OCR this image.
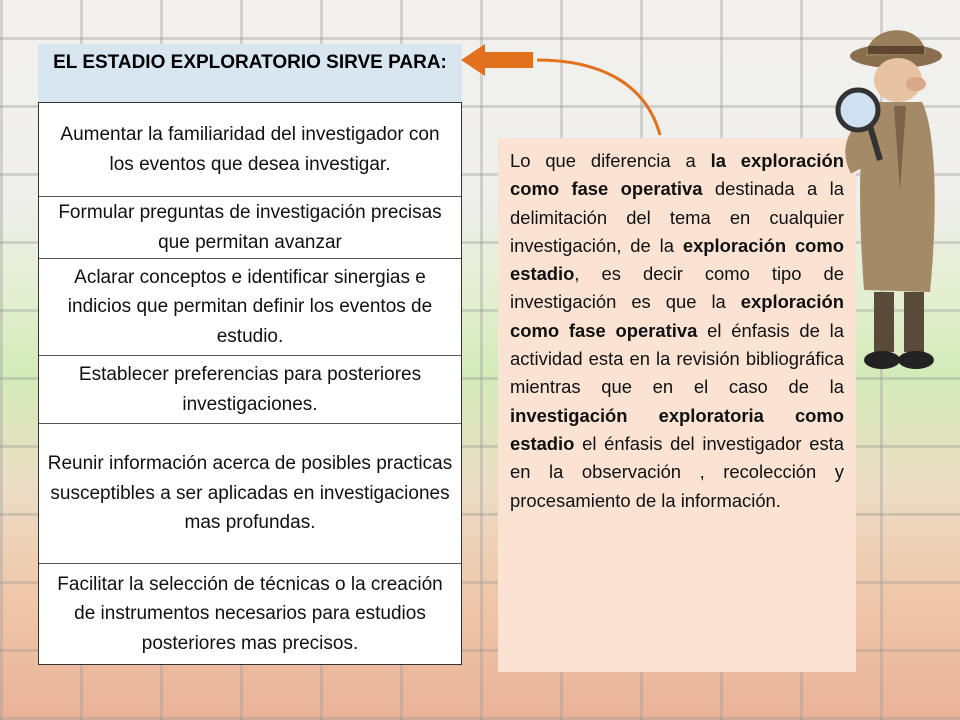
EL ESTADIO EXPLORATORIO SIRVE PARA:
Aumentar la familiaridad del investigador con los eventos que desea investigar.
Formular preguntas de investigación precisas que permitan avanzar
Aclarar conceptos e identificar sinergias e indicios que permitan definir los eventos de estudio.
Establecer preferencias para posteriores investigaciones.
Reunir información acerca de posibles practicas susceptibles a ser aplicadas en investigaciones mas profundas.
Facilitar la selección de técnicas o la creación de instrumentos necesarios para estudios posteriores mas precisos.
Lo que diferencia a la exploración como fase operativa destinada a la delimitación del tema en cualquier investigación, de la exploración como estadio, es decir como tipo de investigación es que la exploración como fase operativa el énfasis de la actividad esta en la revisión bibliográfica mientras que en el caso de la investigación exploratoria como estadio el énfasis del investigador esta en la observación , recolección y procesamiento de la información.
